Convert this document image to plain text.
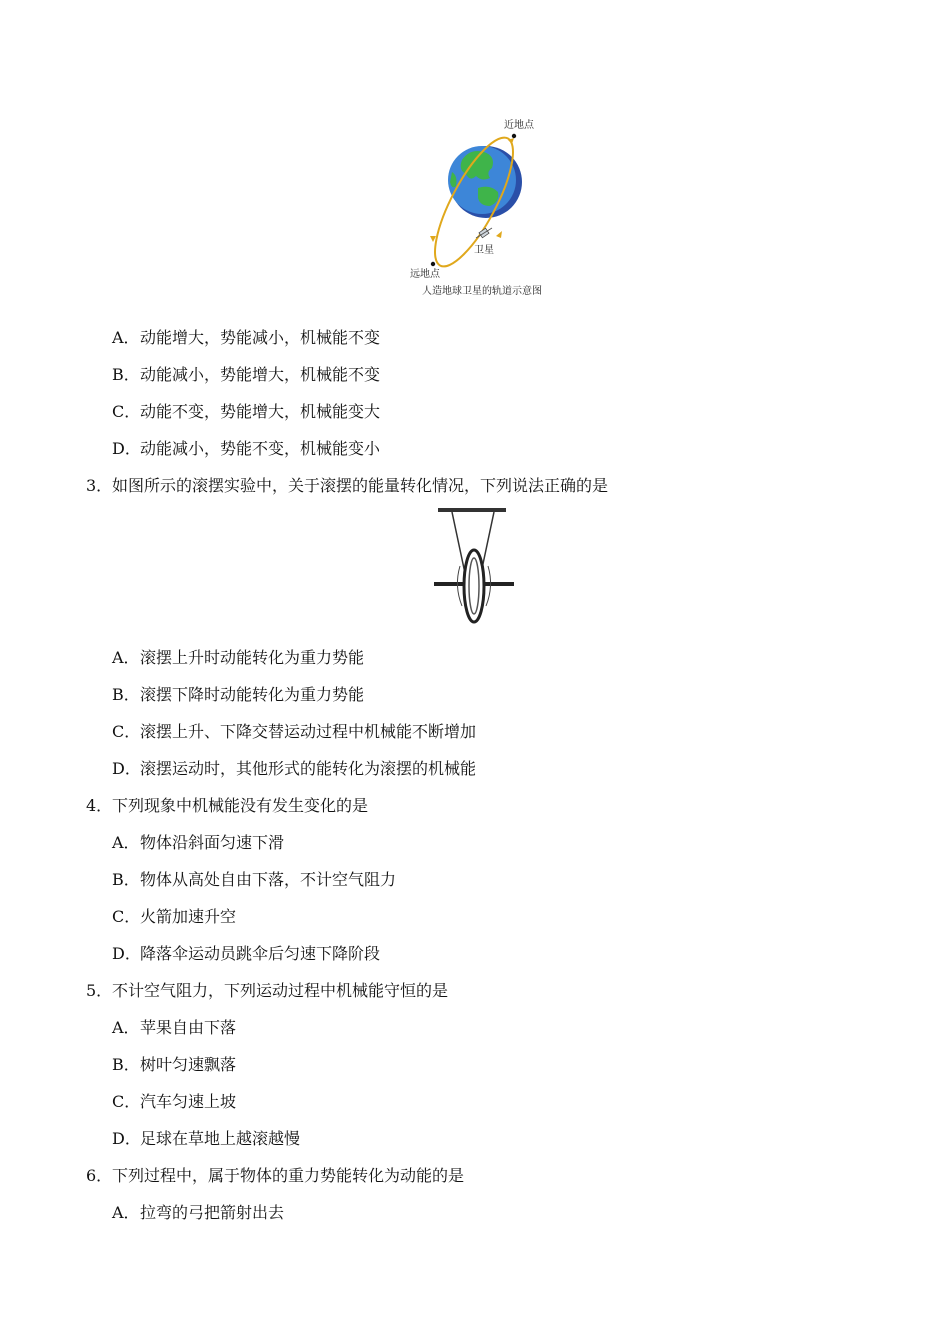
近地点
远地点
卫星
人造地球卫星的轨道示意图
A．动能增大，势能减小，机械能不变
B．动能减小，势能增大，机械能不变
C．动能不变，势能增大，机械能变大
D．动能减小，势能不变，机械能变小
3．如图所示的滚摆实验中，关于滚摆的能量转化情况，下列说法正确的是
A．滚摆上升时动能转化为重力势能
B．滚摆下降时动能转化为重力势能
C．滚摆上升、下降交替运动过程中机械能不断增加
D．滚摆运动时，其他形式的能转化为滚摆的机械能
4．下列现象中机械能没有发生变化的是
A．物体沿斜面匀速下滑
B．物体从高处自由下落，不计空气阻力
C．火箭加速升空
D．降落伞运动员跳伞后匀速下降阶段
5．不计空气阻力，下列运动过程中机械能守恒的是
A．苹果自由下落
B．树叶匀速飘落
C．汽车匀速上坡
D．足球在草地上越滚越慢
6．下列过程中，属于物体的重力势能转化为动能的是
A．拉弯的弓把箭射出去
